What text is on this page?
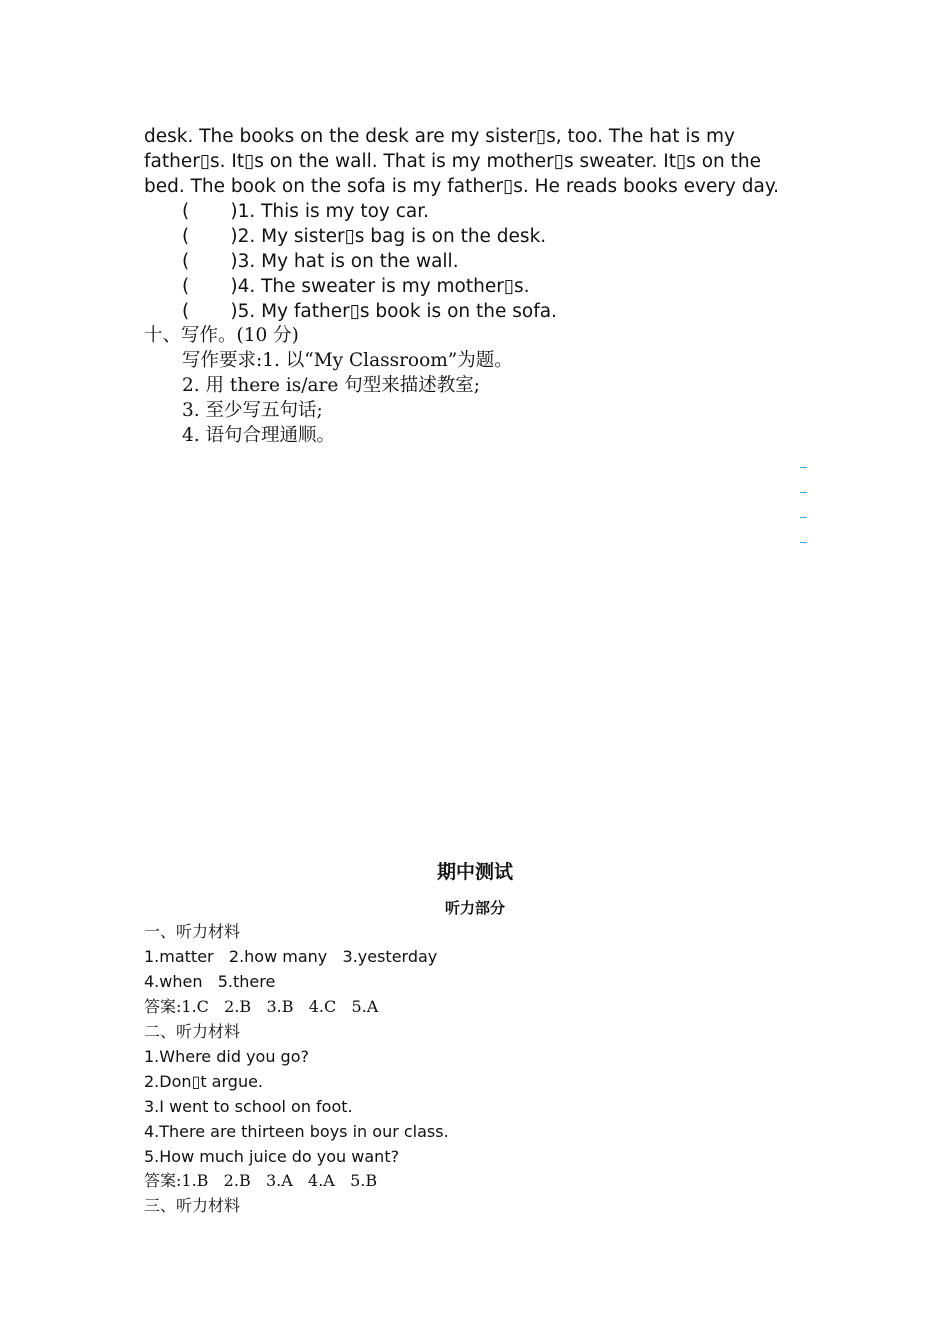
desk. The books on the desk are my sister▯s, too. The hat is my
father▯s. It▯s on the wall. That is my mother▯s sweater. It▯s on the
bed. The book on the sofa is my father▯s. He reads books every day.
(       )1. This is my toy car.
(       )2. My sister▯s bag is on the desk.
(       )3. My hat is on the wall.
(       )4. The sweater is my mother▯s.
(       )5. My father▯s book is on the sofa.
十、写作。(10 分)
写作要求:1. 以“My Classroom”为题。
2. 用 there is/are 句型来描述教室;
3. 至少写五句话;
4. 语句合理通顺。
期中测试
听力部分
一、听力材料
1.matter   2.how many   3.yesterday
4.when   5.there
答案:1.C   2.B   3.B   4.C   5.A
二、听力材料
1.Where did you go?
2.Don▯t argue.
3.I went to school on foot.
4.There are thirteen boys in our class.
5.How much juice do you want?
答案:1.B   2.B   3.A   4.A   5.B
三、听力材料
